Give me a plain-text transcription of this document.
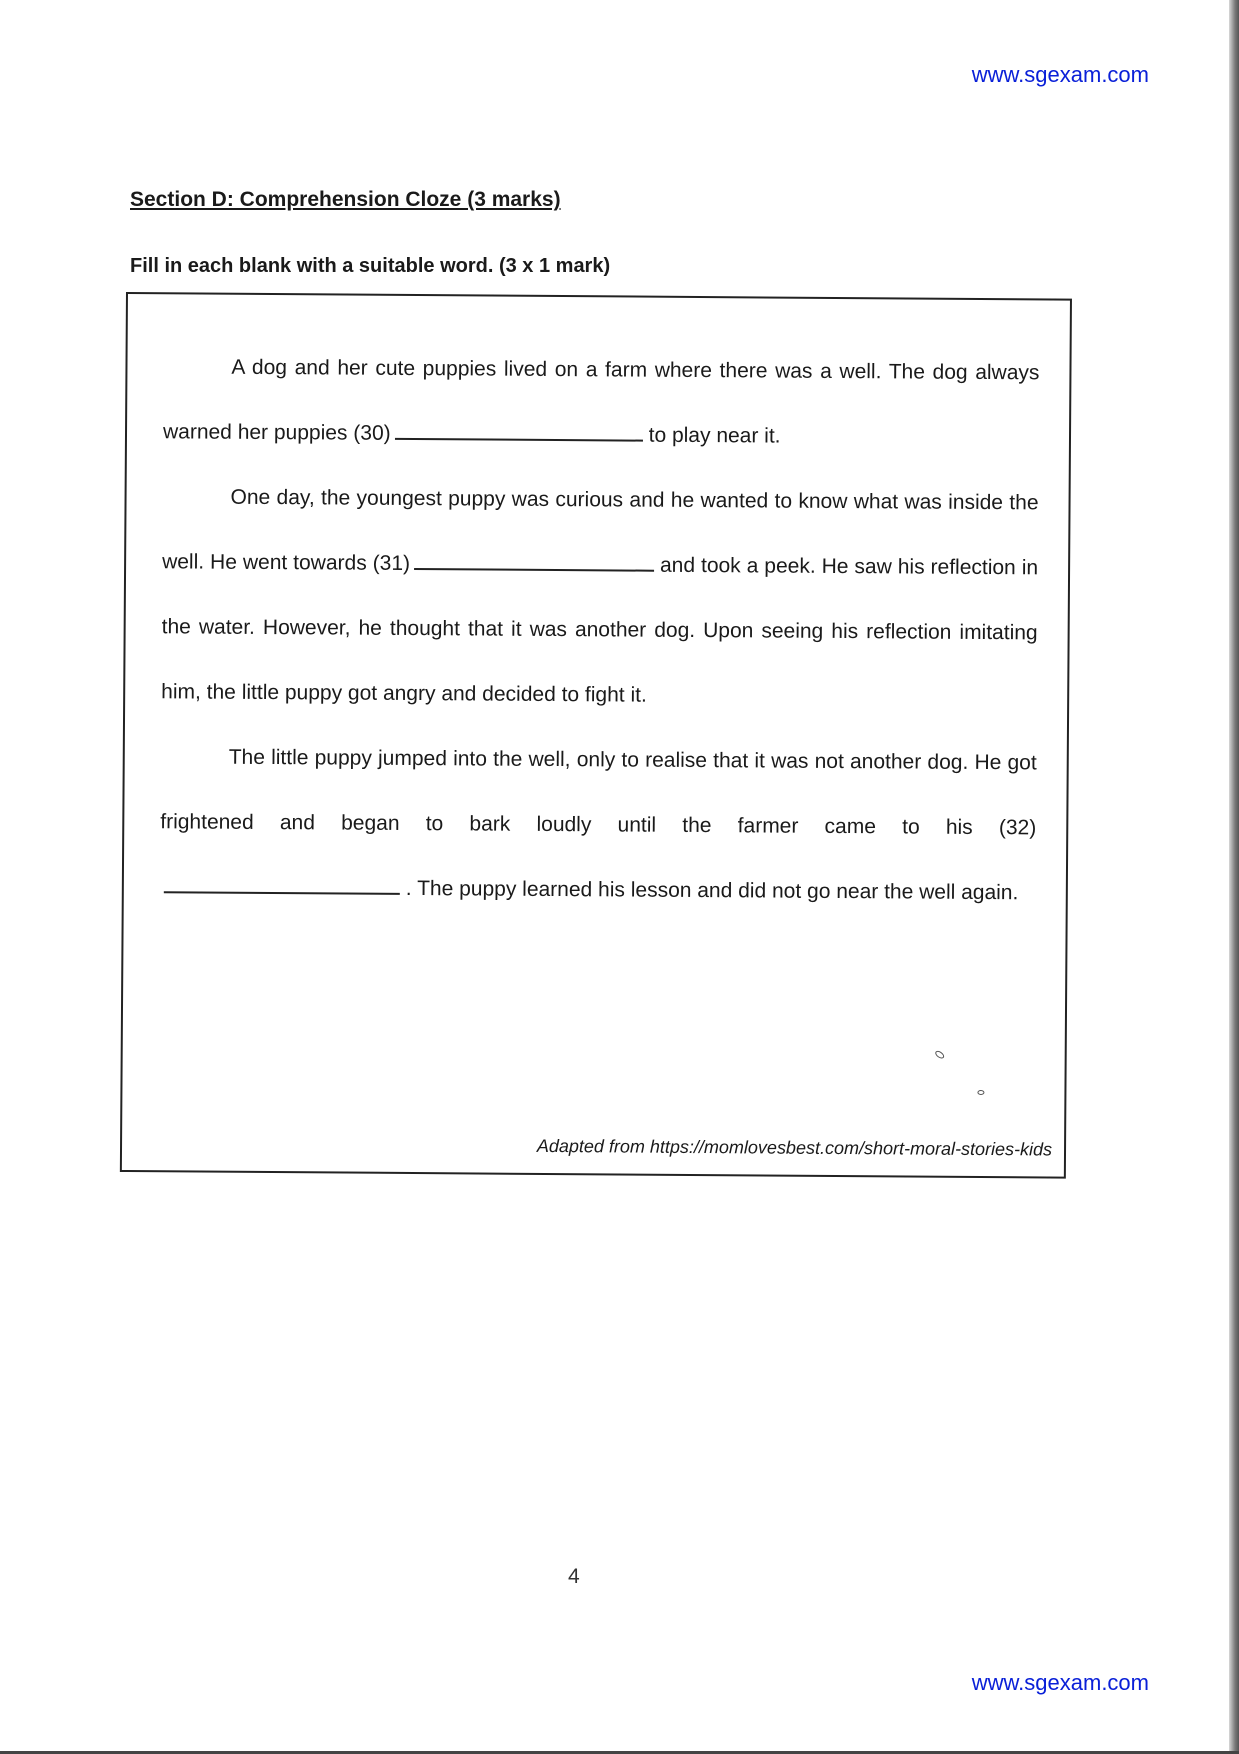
www.sgexam.com
Section D: Comprehension Cloze (3 marks)
Fill in each blank with a suitable word. (3 x 1 mark)

A dog and her cute puppies lived on a farm where there was a well. The dog always warned her puppies (30)	to play near it.

One day, the youngest puppy was curious and he wanted to know what was inside the well. He went towards (31)	and took a peek. He saw his reflection in the water. However, he thought that it was another dog. Upon seeing his reflection imitating him, the little puppy got angry and decided to fight it.

The little puppy jumped into the well, only to realise that it was not another dog. He got frightened and began to bark loudly until the farmer came to his (32). The puppy learned his lesson and did not go near the well again.

Adapted from https://momlovesbest.com/short-moral-stories-kids
4
www.sgexam.com
